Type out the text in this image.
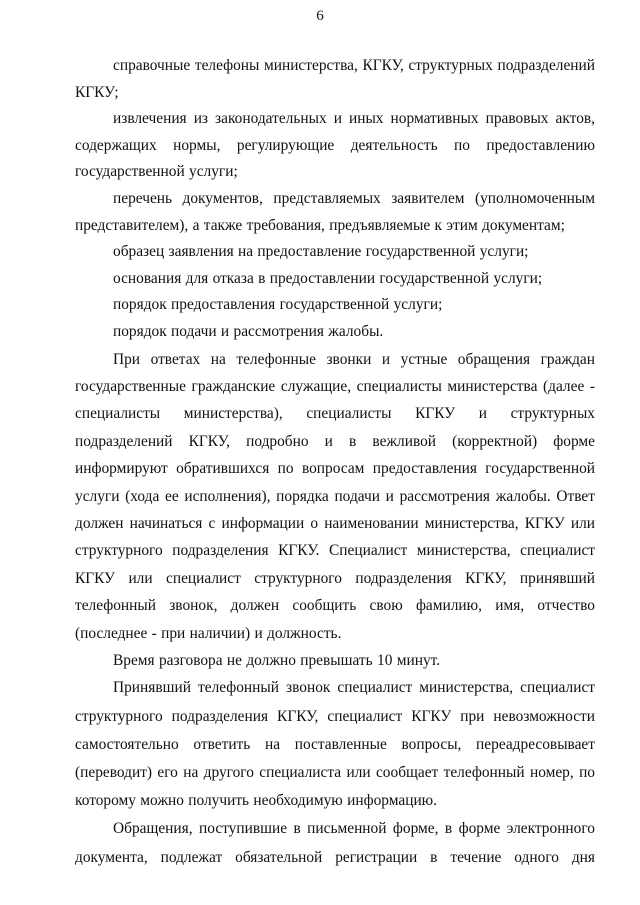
6

справочные телефоны министерства, КГКУ, структурных подразделений КГКУ;

извлечения из законодательных и иных нормативных правовых актов, содержащих нормы, регулирующие деятельность по предоставлению государственной услуги;

перечень документов, представляемых заявителем (уполномоченным представителем), а также требования, предъявляемые к этим документам;

образец заявления на предоставление государственной услуги;

основания для отказа в предоставлении государственной услуги;

порядок предоставления государственной услуги;

порядок подачи и рассмотрения жалобы.

При ответах на телефонные звонки и устные обращения граждан государственные гражданские служащие, специалисты министерства (далее - специалисты министерства), специалисты КГКУ и структурных подразделений КГКУ, подробно и в вежливой (корректной) форме информируют обратившихся по вопросам предоставления государственной услуги (хода ее исполнения), порядка подачи и рассмотрения жалобы. Ответ должен начинаться с информации о наименовании министерства, КГКУ или структурного подразделения КГКУ. Специалист министерства, специалист КГКУ или специалист структурного подразделения КГКУ, принявший телефонный звонок, должен сообщить свою фамилию, имя, отчество (последнее - при наличии) и должность.

Время разговора не должно превышать 10 минут.

Принявший телефонный звонок специалист министерства, специалист структурного подразделения КГКУ, специалист КГКУ при невозможности самостоятельно ответить на поставленные вопросы, переадресовывает (переводит) его на другого специалиста или сообщает телефонный номер, по которому можно получить необходимую информацию.

Обращения, поступившие в письменной форме, в форме электронного документа, подлежат обязательной регистрации в течение одного дня
